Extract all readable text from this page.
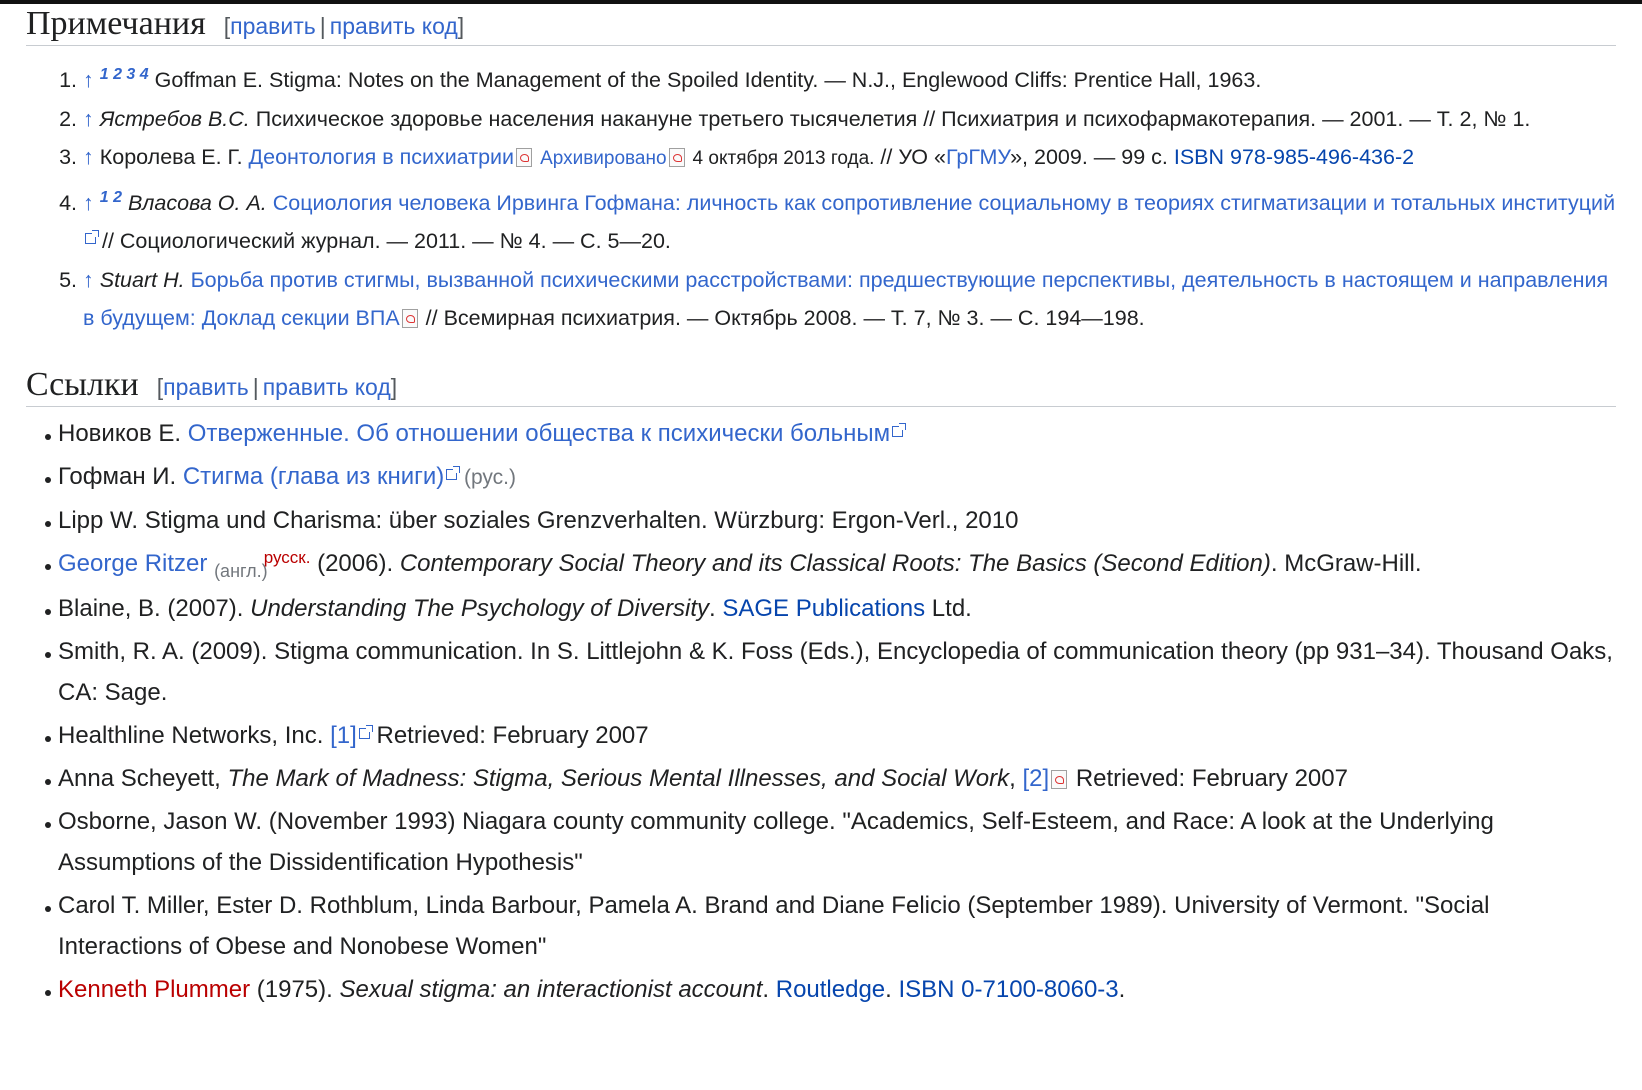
Примечания [править | править код]
1. ↑ $^{1 2 3 4}$ Goffman E. Stigma: Notes on the Management of the Spoiled Identity. — N.J., Englewood Cliffs: Prentice Hall, 1963.
2. ↑ Ястребов В.С. Психическое здоровье населения накануне третьего тысячелетия // Психиатрия и психофармакотерапия. — 2001. — Т. 2, № 1.
3. ↑ Королева Е. Г. Деонтология в психиатрии Архивировано 4 октября 2013 года. // УО «ГрГМУ», 2009. — 99 с. ISBN 978-985-496-436-2
4. ↑ $^{1 2}$ Власова О. А. Социология человека Ирвинга Гофмана: личность как сопротивление социальному в теориях стигматизации и тотальных институций // Социологический журнал. — 2011. — № 4. — С. 5—20.
5. ↑ Stuart H. Борьба против стигмы, вызванной психическими расстройствами: предшествующие перспективы, деятельность в настоящем и направления в будущем: Доклад секции ВПА // Всемирная психиатрия. — Октябрь 2008. — Т. 7, № 3. — С. 194—198.
Ссылки [править | править код]
Новиков Е. Отверженные. Об отношении общества к психически больным
Гофман И. Стигма (глава из книги) (рус.)
Lipp W. Stigma und Charisma: über soziales Grenzverhalten. Würzburg: Ergon-Verl., 2010
George Ritzer $_{(англ.)}^{русск.}$ (2006). Contemporary Social Theory and its Classical Roots: The Basics (Second Edition). McGraw-Hill.
Blaine, B. (2007). Understanding The Psychology of Diversity. SAGE Publications Ltd.
Smith, R. A. (2009). Stigma communication. In S. Littlejohn & K. Foss (Eds.), Encyclopedia of communication theory (pp 931–34). Thousand Oaks, CA: Sage.
Healthline Networks, Inc. [1] Retrieved: February 2007
Anna Scheyett, The Mark of Madness: Stigma, Serious Mental Illnesses, and Social Work, [2] Retrieved: February 2007
Osborne, Jason W. (November 1993) Niagara county community college. "Academics, Self-Esteem, and Race: A look at the Underlying Assumptions of the Dissidentification Hypothesis"
Carol T. Miller, Ester D. Rothblum, Linda Barbour, Pamela A. Brand and Diane Felicio (September 1989). University of Vermont. "Social Interactions of Obese and Nonobese Women"
Kenneth Plummer (1975). Sexual stigma: an interactionist account. Routledge. ISBN 0-7100-8060-3.
